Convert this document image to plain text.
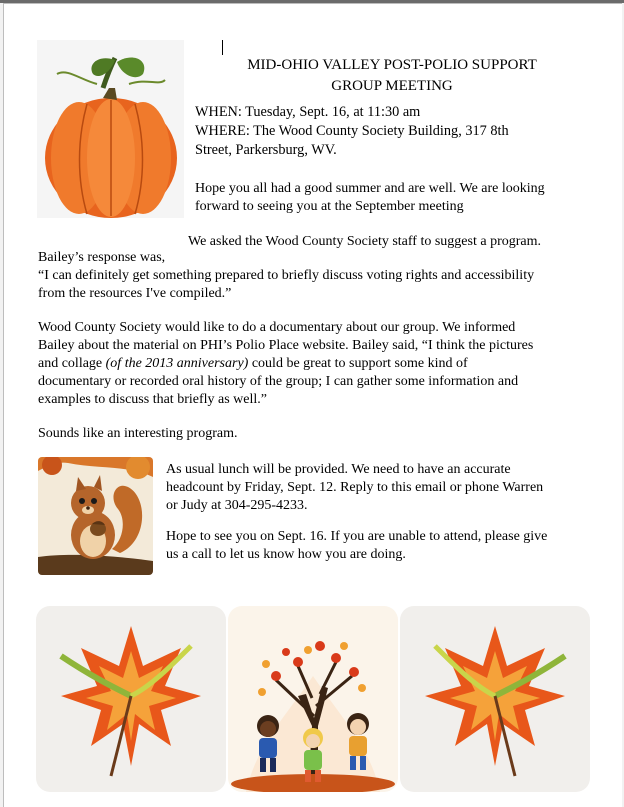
MID-OHIO VALLEY POST-POLIO SUPPORT
GROUP MEETING
WHEN: Tuesday, Sept. 16, at 11:30 am
WHERE: The Wood County Society Building, 317 8th
Street, Parkersburg, WV.
Hope you all had a good summer and are well. We are looking
forward to seeing you at the September meeting
We asked the Wood County Society staff to suggest a program.
Bailey’s response was,
“I can definitely get something prepared to briefly discuss voting rights and accessibility
from the resources I've compiled.”
Wood County Society would like to do a documentary about our group. We informed
Bailey about the material on PHI’s Polio Place website. Bailey said, “I think the pictures
and collage (of the 2013 anniversary) could be great to support some kind of
documentary or recorded oral history of the group; I can gather some information and
examples to discuss that briefly as well.”
Sounds like an interesting program.
As usual lunch will be provided. We need to have an accurate
headcount by Friday, Sept. 12. Reply to this email or phone Warren
or Judy at 304-295-4233.
Hope to see you on Sept. 16. If you are unable to attend, please give
us a call to let us know how you are doing.
